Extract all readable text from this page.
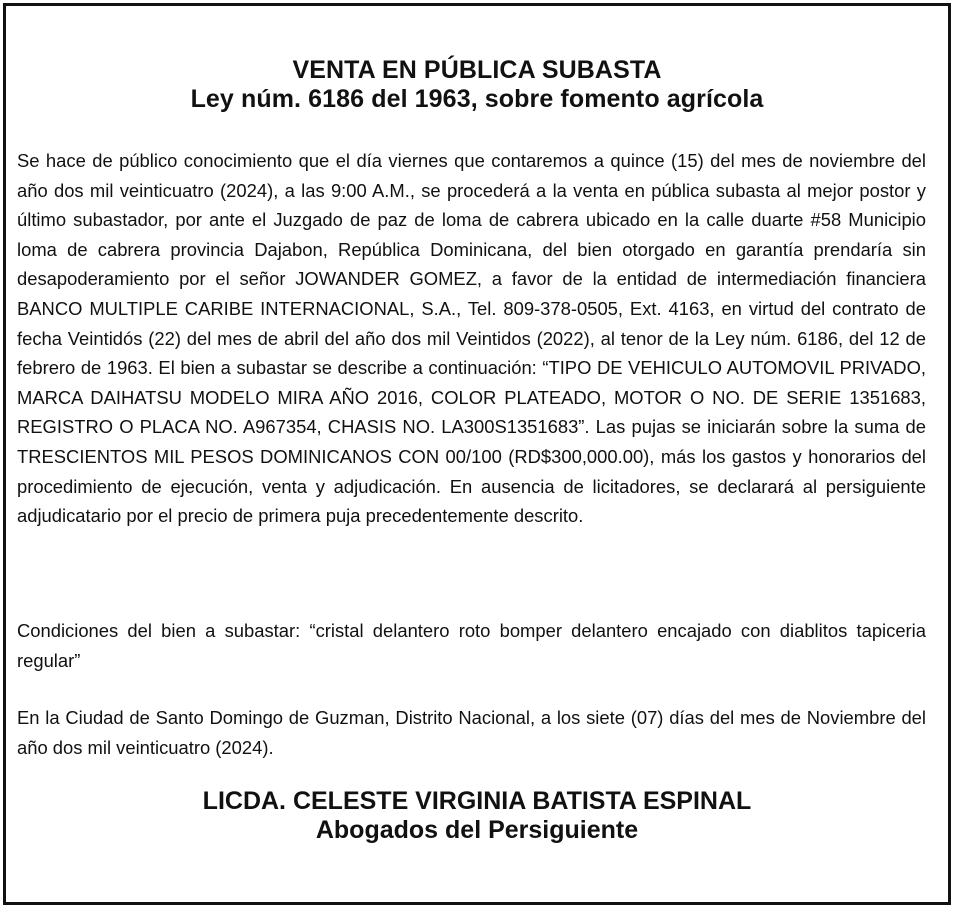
VENTA EN PÚBLICA SUBASTA
Ley núm. 6186 del 1963, sobre fomento agrícola

Se hace de público conocimiento que el día viernes que contaremos a quince (15) del mes de noviembre del año dos mil veinticuatro (2024), a las 9:00 A.M., se procederá a la venta en pública subasta al mejor postor y último subastador, por ante el Juzgado de paz de loma de cabrera ubicado en la calle duarte #58 Municipio loma de cabrera provincia Dajabon, República Dominicana, del bien otorgado en garantía prendaría sin desapoderamiento por el señor JOWANDER GOMEZ, a favor de la entidad de intermediación financiera BANCO MULTIPLE CARIBE INTERNACIONAL, S.A., Tel. 809-378-0505, Ext. 4163, en virtud del contrato de fecha Veintidós (22) del mes de abril del año dos mil Veintidos (2022), al tenor de la Ley núm. 6186, del 12 de febrero de 1963. El bien a subastar se describe a continuación: “TIPO DE VEHICULO AUTOMOVIL PRIVADO, MARCA DAIHATSU MODELO MIRA AÑO 2016, COLOR PLATEADO, MOTOR O NO. DE SERIE 1351683, REGISTRO O PLACA NO. A967354, CHASIS NO. LA300S1351683”. Las pujas se iniciarán sobre la suma de TRESCIENTOS MIL PESOS DOMINICANOS CON 00/100 (RD$300,000.00), más los gastos y honorarios del procedimiento de ejecución, venta y adjudicación. En ausencia de licitadores, se declarará al persiguiente adjudicatario por el precio de primera puja precedentemente descrito.

Condiciones del bien a subastar: “cristal delantero roto bomper delantero encajado con diablitos tapiceria regular”

En la Ciudad de Santo Domingo de Guzman, Distrito Nacional, a los siete (07) días del mes de Noviembre del año dos mil veinticuatro (2024).

LICDA. CELESTE VIRGINIA BATISTA ESPINAL
Abogados del Persiguiente
